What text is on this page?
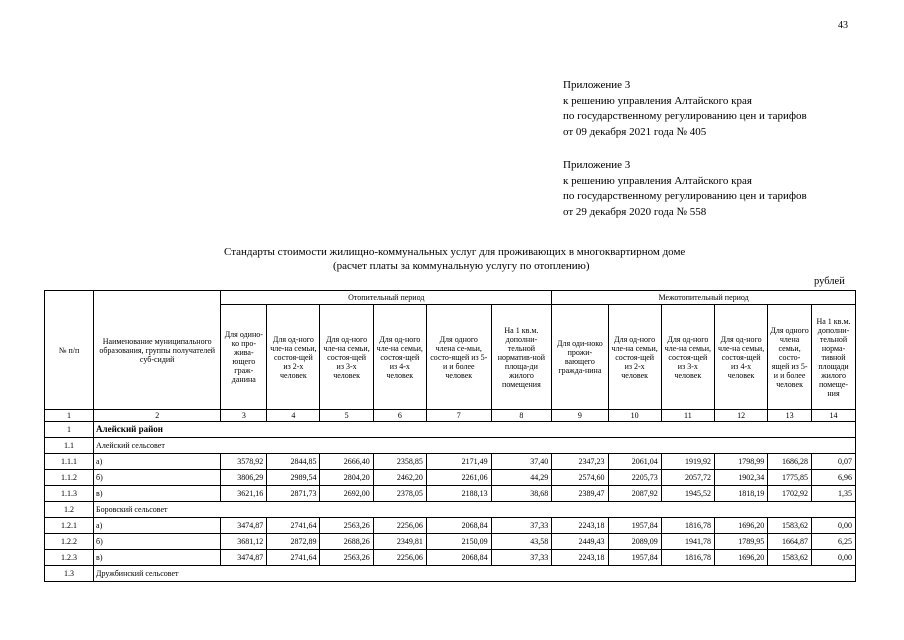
43
Приложение 3
к решению управления Алтайского края
по государственному регулированию цен и тарифов
от 09 декабря 2021 года № 405
Приложение 3
к решению управления Алтайского края
по государственному регулированию цен и тарифов
от 29 декабря 2020 года № 558
Стандарты стоимости жилищно-коммунальных услуг для проживающих в многоквартирном доме
(расчет платы за коммунальную услугу по отоплению)
рублей
№ п/п	Наименование муниципального образования, группы получателей суб-сидий	Отопительный период						Межотопительный период					
		Для одино-ко про-жива-ющего граж-данина	Для од-ного чле-на семьи, состоя-щей из 2-х человек	Для од-ного чле-на семьи, состоя-щей из 3-х человек	Для од-ного чле-на семьи, состоя-щей из 4-х человек	Для одного члена се-мьи, состо-ящей из 5-и и более человек	На 1 кв.м. дополни-тельной норматив-ной площа-ди жилого помещения	Для оди-ноко прожи-вающего гражда-нина	Для од-ного чле-на семьи, состоя-щей из 2-х человек	Для од-ного чле-на семьи, состоя-щей из 3-х человек	Для од-ного чле-на семьи, состоя-щей из 4-х человек	Для одного члена семьи, состо-ящей из 5-и и более человек	На 1 кв.м. дополни-тельной норма-тивной площади жилого помеще-ния
1	2	3	4	5	6	7	8	9	10	11	12	13	14
1	Алейский район												
1.1	Алейский сельсовет												
1.1.1	а)	3578,92	2844,85	2666,40	2358,85	2171,49	37,40	2347,23	2061,04	1919,92	1798,99	1686,28	0,07
1.1.2	б)	3806,29	2989,54	2804,20	2462,20	2261,06	44,29	2574,60	2205,73	2057,72	1902,34	1775,85	6,96
1.1.3	в)	3621,16	2871,73	2692,00	2378,05	2188,13	38,68	2389,47	2087,92	1945,52	1818,19	1702,92	1,35
1.2	Боровский сельсовет												
1.2.1	а)	3474,87	2741,64	2563,26	2256,06	2068,84	37,33	2243,18	1957,84	1816,78	1696,20	1583,62	0,00
1.2.2	б)	3681,12	2872,89	2688,26	2349,81	2150,09	43,58	2449,43	2089,09	1941,78	1789,95	1664,87	6,25
1.2.3	в)	3474,87	2741,64	2563,26	2256,06	2068,84	37,33	2243,18	1957,84	1816,78	1696,20	1583,62	0,00
1.3	Дружбинский сельсовет												
